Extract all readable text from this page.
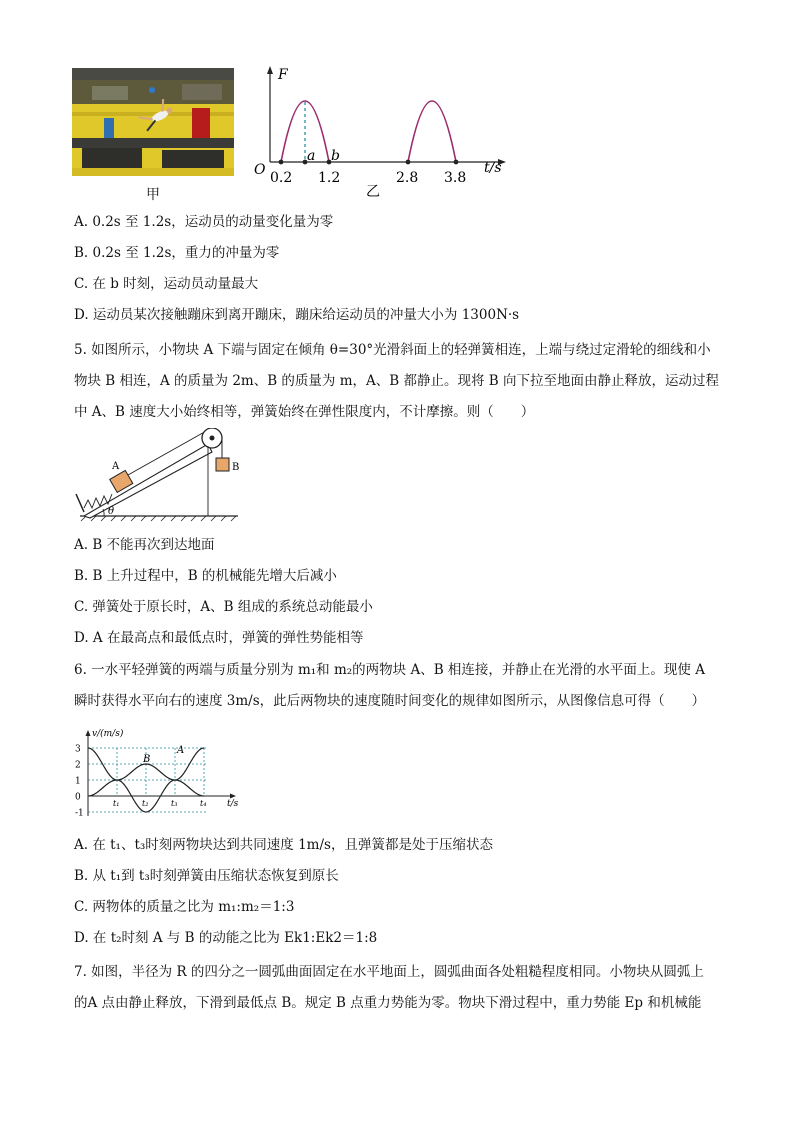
甲
F
t/s
O
a b
0.2 1.2	2.8 3.8
乙
A. 0.2s 至 1.2s，运动员的动量变化量为零
B. 0.2s 至 1.2s，重力的冲量为零
C. 在 b 时刻，运动员动量最大
D. 运动员某次接触蹦床到离开蹦床，蹦床给运动员的冲量大小为 1300N·s
5. 如图所示，小物块 A 下端与固定在倾角 θ=30°光滑斜面上的轻弹簧相连，上端与绕过定滑轮的细线和小
物块 B 相连，A 的质量为 2m、B 的质量为 m，A、B 都静止。现将 B 向下拉至地面由静止释放，运动过程
中 A、B 速度大小始终相等，弹簧始终在弹性限度内，不计摩擦。则（　　）
A	B
θ
A. B 不能再次到达地面
B. B 上升过程中，B 的机械能先增大后减小
C. 弹簧处于原长时，A、B 组成的系统总动能最小
D. A 在最高点和最低点时，弹簧的弹性势能相等
6. 一水平轻弹簧的两端与质量分别为 m₁和 m₂的两物块 A、B 相连接，并静止在光滑的水平面上。现使 A
瞬时获得水平向右的速度 3m/s，此后两物块的速度随时间变化的规律如图所示，从图像信息可得（　　）
3
2
1
0
-1
t₁	t₂	t₃	t₄
v/(m/s)
t/s
A
B
A. 在 t₁、t₃时刻两物块达到共同速度 1m/s，且弹簧都是处于压缩状态
B. 从 t₁到 t₃时刻弹簧由压缩状态恢复到原长
C. 两物体的质量之比为 m₁:m₂＝1:3
D. 在 t₂时刻 A 与 B 的动能之比为 Ek1:Ek2＝1:8
7. 如图，半径为 R 的四分之一圆弧曲面固定在水平地面上，圆弧曲面各处粗糙程度相同。小物块从圆弧上
的A 点由静止释放，下滑到最低点 B。规定 B 点重力势能为零。物块下滑过程中，重力势能 Ep 和机械能
